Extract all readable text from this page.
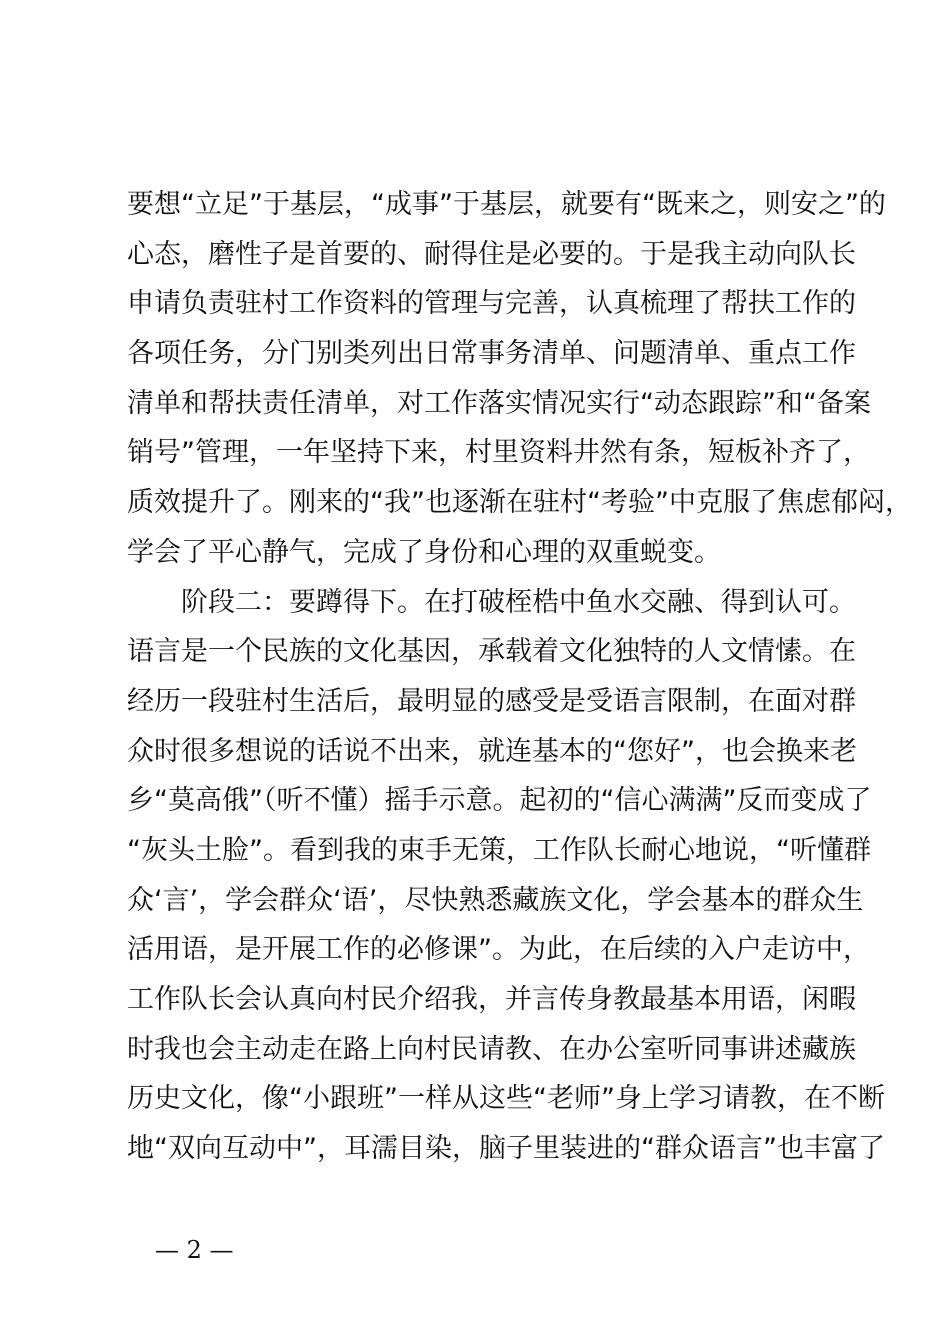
要想“立足”于基层，“成事”于基层，就要有“既来之，则安之”的
心态，磨性子是首要的、耐得住是必要的。于是我主动向队长
申请负责驻村工作资料的管理与完善，认真梳理了帮扶工作的
各项任务，分门别类列出日常事务清单、问题清单、重点工作
清单和帮扶责任清单，对工作落实情况实行“动态跟踪”和“备案
销号”管理，一年坚持下来，村里资料井然有条，短板补齐了，
质效提升了。刚来的“我”也逐渐在驻村“考验”中克服了焦虑郁闷，
学会了平心静气，完成了身份和心理的双重蜕变。
阶段二：要蹲得下。在打破桎梏中鱼水交融、得到认可。
语言是一个民族的文化基因，承载着文化独特的人文情愫。在
经历一段驻村生活后，最明显的感受是受语言限制，在面对群
众时很多想说的话说不出来，就连基本的“您好”，也会换来老
乡“莫高俄”（听不懂）摇手示意。起初的“信心满满”反而变成了
“灰头土脸”。看到我的束手无策，工作队长耐心地说，“听懂群
众‘言’，学会群众‘语’，尽快熟悉藏族文化，学会基本的群众生
活用语，是开展工作的必修课”。为此，在后续的入户走访中，
工作队长会认真向村民介绍我，并言传身教最基本用语，闲暇
时我也会主动走在路上向村民请教、在办公室听同事讲述藏族
历史文化，像“小跟班”一样从这些“老师”身上学习请教，在不断
地“双向互动中”，耳濡目染，脑子里装进的“群众语言”也丰富了
— 2 —
